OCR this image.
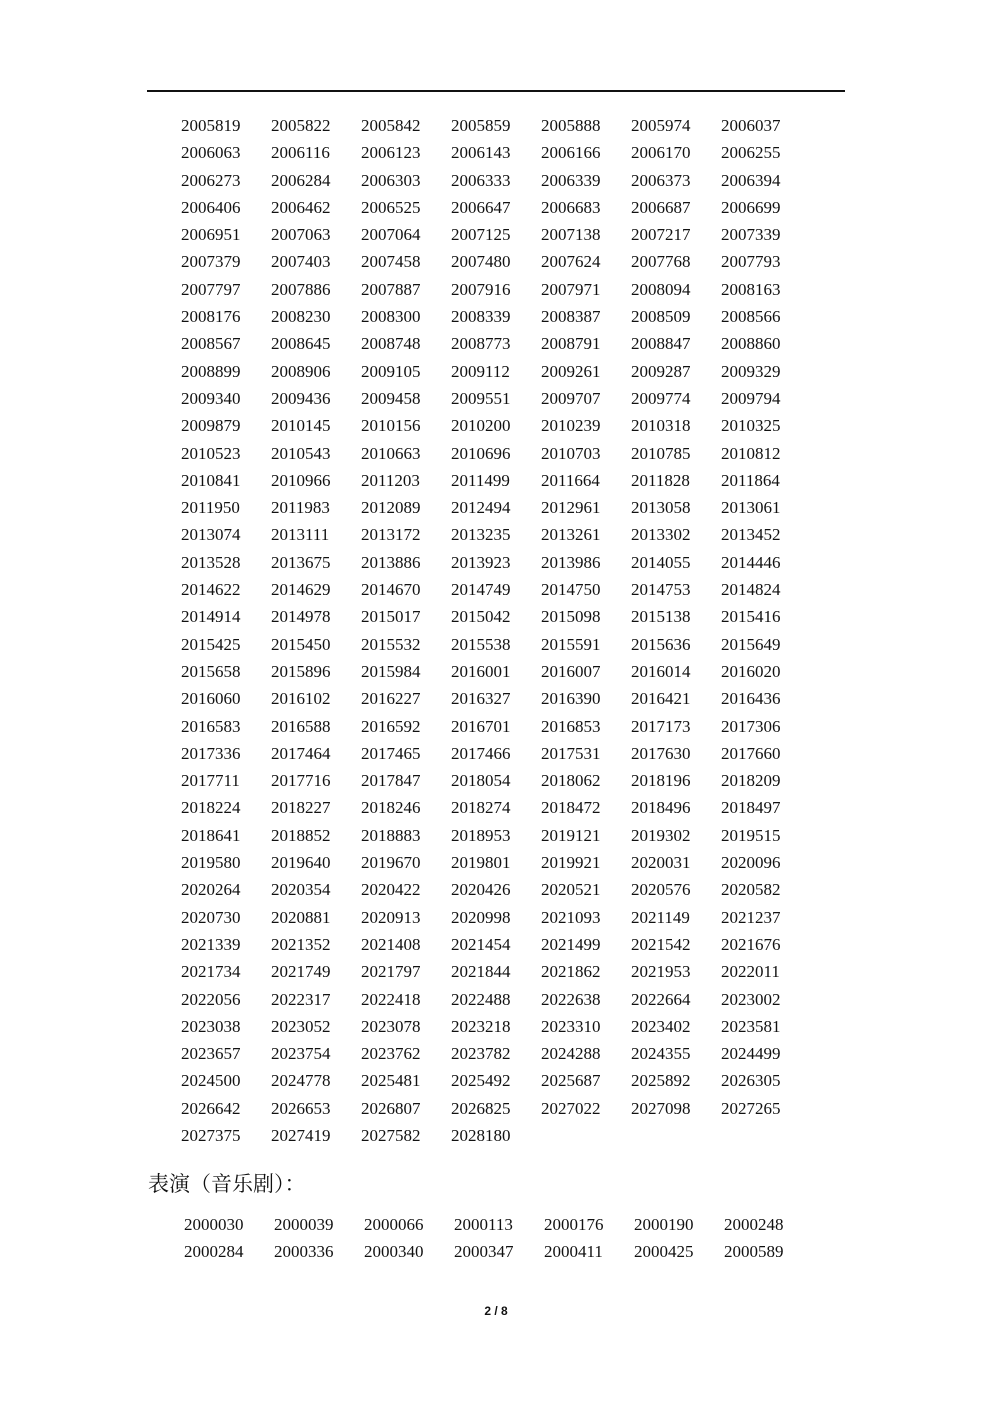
2005819	2005822	2005842	2005859	2005888	2005974	2006037
2006063	2006116	2006123	2006143	2006166	2006170	2006255
2006273	2006284	2006303	2006333	2006339	2006373	2006394
2006406	2006462	2006525	2006647	2006683	2006687	2006699
2006951	2007063	2007064	2007125	2007138	2007217	2007339
2007379	2007403	2007458	2007480	2007624	2007768	2007793
2007797	2007886	2007887	2007916	2007971	2008094	2008163
2008176	2008230	2008300	2008339	2008387	2008509	2008566
2008567	2008645	2008748	2008773	2008791	2008847	2008860
2008899	2008906	2009105	2009112	2009261	2009287	2009329
2009340	2009436	2009458	2009551	2009707	2009774	2009794
2009879	2010145	2010156	2010200	2010239	2010318	2010325
2010523	2010543	2010663	2010696	2010703	2010785	2010812
2010841	2010966	2011203	2011499	2011664	2011828	2011864
2011950	2011983	2012089	2012494	2012961	2013058	2013061
2013074	2013111	2013172	2013235	2013261	2013302	2013452
2013528	2013675	2013886	2013923	2013986	2014055	2014446
2014622	2014629	2014670	2014749	2014750	2014753	2014824
2014914	2014978	2015017	2015042	2015098	2015138	2015416
2015425	2015450	2015532	2015538	2015591	2015636	2015649
2015658	2015896	2015984	2016001	2016007	2016014	2016020
2016060	2016102	2016227	2016327	2016390	2016421	2016436
2016583	2016588	2016592	2016701	2016853	2017173	2017306
2017336	2017464	2017465	2017466	2017531	2017630	2017660
2017711	2017716	2017847	2018054	2018062	2018196	2018209
2018224	2018227	2018246	2018274	2018472	2018496	2018497
2018641	2018852	2018883	2018953	2019121	2019302	2019515
2019580	2019640	2019670	2019801	2019921	2020031	2020096
2020264	2020354	2020422	2020426	2020521	2020576	2020582
2020730	2020881	2020913	2020998	2021093	2021149	2021237
2021339	2021352	2021408	2021454	2021499	2021542	2021676
2021734	2021749	2021797	2021844	2021862	2021953	2022011
2022056	2022317	2022418	2022488	2022638	2022664	2023002
2023038	2023052	2023078	2023218	2023310	2023402	2023581
2023657	2023754	2023762	2023782	2024288	2024355	2024499
2024500	2024778	2025481	2025492	2025687	2025892	2026305
2026642	2026653	2026807	2026825	2027022	2027098	2027265
2027375	2027419	2027582	2028180
表演（音乐剧）：
2000030	2000039	2000066	2000113	2000176	2000190	2000248
2000284	2000336	2000340	2000347	2000411	2000425	2000589
2 / 8
